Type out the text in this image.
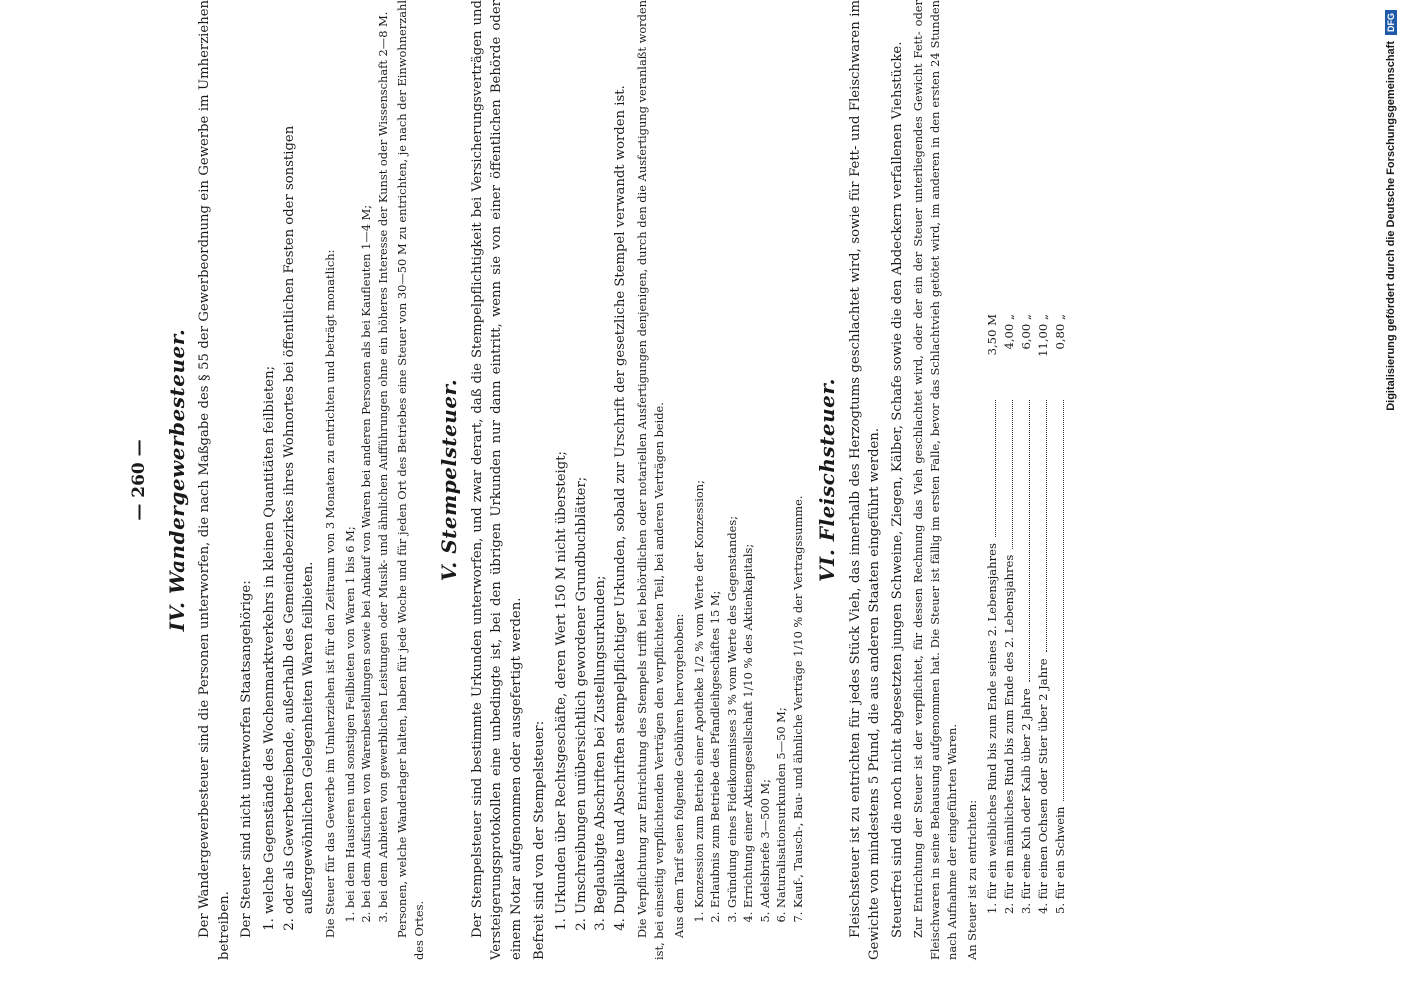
— 260 — IV. Wandergewerbesteuer. Der Wandergewerbesteuer sind die Personen unterworfen, die nach Maßgabe des § 55 der Gewerbeordnung ein Gewerbe im Umherziehen betreiben. Der Steuer sind nicht unterworfen Staatsangehörige: 1. welche Gegenstände des Wochenmarktverkehrs in kleinen Quantitäten feilbieten; 2. oder als Gewerbetreibende, außerhalb des Gemeindebezirkes ihres Wohnortes bei öffentlichen Festen oder sonstigen außergewöhnlichen Gelegenheiten Waren feilbieten. Die Steuer für das Gewerbe im Umherziehen ist für den Zeitraum von 3 Monaten zu entrichten und beträgt monatlich: 1. bei dem Hausieren und sonstigen Feilbieten von Waren 1 bis 6 M; 2. bei dem Aufsuchen von Warenbestellungen sowie bei Ankauf von Waren bei anderen Personen als bei Kaufleuten 1—4 M; 3. bei dem Anbieten von gewerblichen Leistungen oder Musik- und ähnlichen Aufführungen ohne ein höheres Interesse der Kunst oder Wissenschaft 2—8 M. Personen, welche Wanderlager halten, haben für jede Woche und für jeden Ort des Betriebes eine Steuer von 30—50 M zu entrichten, je nach der Einwohnerzahl des Ortes.

V. Stempelsteuer. Der Stempelsteuer sind bestimmte Urkunden unterworfen, und zwar derart, daß die Stempelpflichtigkeit bei Versicherungsverträgen und Versteigerungsprotokollen eine unbedingte ist, bei den übrigen Urkunden nur dann eintritt, wenn sie von einer öffentlichen Behörde oder einem Notar aufgenommen oder ausgefertigt werden. Befreit sind von der Stempelsteuer: 1. Urkunden über Rechtsgeschäfte, deren Wert 150 M nicht übersteigt; 2. Umschreibungen unübersichtlich gewordener Grundbuchblätter; 3. Beglaubigte Abschriften bei Zustellungsurkunden; 4. Duplikate und Abschriften stempelpflichtiger Urkunden, sobald zur Urschrift der gesetzliche Stempel verwandt worden ist. Die Verpflichtung zur Entrichtung des Stempels trifft bei behördlichen oder notariellen Ausfertigungen denjenigen, durch den die Ausfertigung veranlaßt worden ist, bei einseitig verpflichtenden Verträgen den verpflichteten Teil, bei anderen Verträgen beide. Aus dem Tarif seien folgende Gebühren hervorgehoben: 1. Konzession zum Betrieb einer Apotheke 1/2 % vom Werte der Konzession; 2. Erlaubnis zum Betriebe des Pfandleihgeschäftes 15 M; 3. Gründung eines Fideikommisses 3 % vom Werte des Gegenstandes; 4. Errichtung einer Aktiengesellschaft 1/10 % des Aktienkapitals; 5. Adelsbriefe 3—500 M; 6. Naturalisationsurkunden 5—50 M; 7. Kauf-, Tausch-, Bau- und ähnliche Verträge 1/10 % der Vertragssumme.
VI. Fleischsteuer. Fleischsteuer ist zu entrichten für jedes Stück Vieh, das innerhalb des Herzogtums geschlachtet wird, sowie für Fett- und Fleischwaren im Gewichte von mindestens 5 Pfund, die aus anderen Staaten eingeführt werden. Steuerfrei sind die noch nicht abgesetzten jungen Schweine, Ziegen, Kälber, Schafe sowie die den Abdeckern verfallenen Viehstücke. Zur Entrichtung der Steuer ist der verpflichtet, für dessen Rechnung das Vieh geschlachtet wird, oder der ein der Steuer unterliegendes Gewicht Fett- oder Fleischwaren in seine Behausung aufgenommen hat. Die Steuer ist fällig im ersten Falle, bevor das Schlachtvieh getötet wird, im anderen in den ersten 24 Stunden nach Aufnahme der eingeführten Waren. An Steuer ist zu entrichten: 1. für ein weibliches Rind bis zum Ende seines 2. Lebensjahres
3,50 M
2. für ein männliches Rind bis zum Ende des 2. Lebensjahres
4,00 „
3. für eine Kuh oder Kalb über 2 Jahre
6,00 „
4. für einen Ochsen oder Stier über 2 Jahre
11,00 „
5. für ein Schwein
0,80 „	Digitalisierung gefördert durch die Deutsche Forschungsgemeinschaft
DFG
